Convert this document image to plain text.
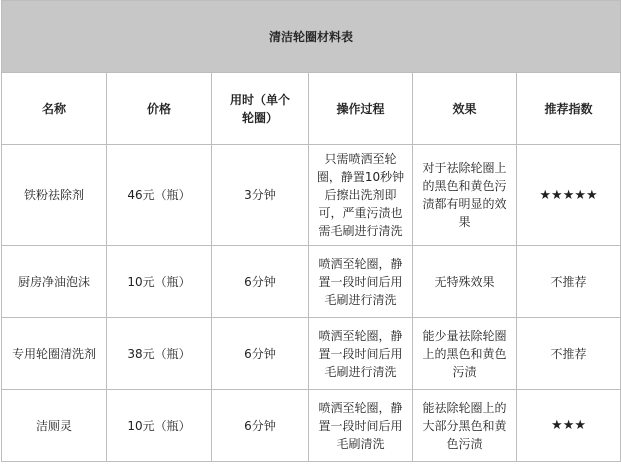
清洁轮圈材料表					
名称	价格	用时（单个轮圈）	操作过程	效果	推荐指数
铁粉祛除剂	46元（瓶）	3分钟	只需喷洒至轮圈，静置10秒钟后擦出洗剂即可，严重污渍也需毛刷进行清洗	对于祛除轮圈上的黑色和黄色污渍都有明显的效果	★★★★★
厨房净油泡沫	10元（瓶）	6分钟	喷洒至轮圈，静置一段时间后用毛刷进行清洗	无特殊效果	不推荐
专用轮圈清洗剂	38元（瓶）	6分钟	喷洒至轮圈，静置一段时间后用毛刷进行清洗	能少量祛除轮圈上的黑色和黄色污渍	不推荐
洁厕灵	10元（瓶）	6分钟	喷洒至轮圈，静置一段时间后用毛刷清洗	能祛除轮圈上的大部分黑色和黄色污渍	★★★
